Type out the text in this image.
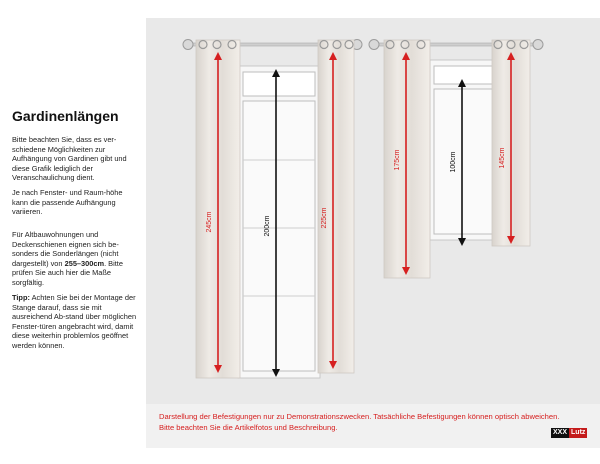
Gardinenlängen

Bitte beachten Sie, dass es ver-schiedene Möglichkeiten zur Aufhängung von Gardinen gibt und diese Grafik lediglich der Veranschaulichung dient.

Je nach Fenster- und Raum-höhe kann die passende Aufhängung variieren.

Für Altbauwohnungen und Deckenschienen eignen sich be-sonders die Sonderlängen (nicht dargestellt) von 255–300cm. Bitte prüfen Sie auch hier die Maße sorgfältig.

Tipp: Achten Sie bei der Montage der Stange darauf, dass sie mit ausreichend Ab-stand über möglichen Fenster-türen angebracht wird, damit diese weiterhin problemlos geöffnet werden können.

245cm	200cm	225cm
175cm	100cm	145cm
Darstellung der Befestigungen nur zu Demonstrationszwecken. Tatsächliche Befestigungen können optisch abweichen.
Bitte beachten Sie die Artikelfotos und Beschreibung.
XXX Lutz
